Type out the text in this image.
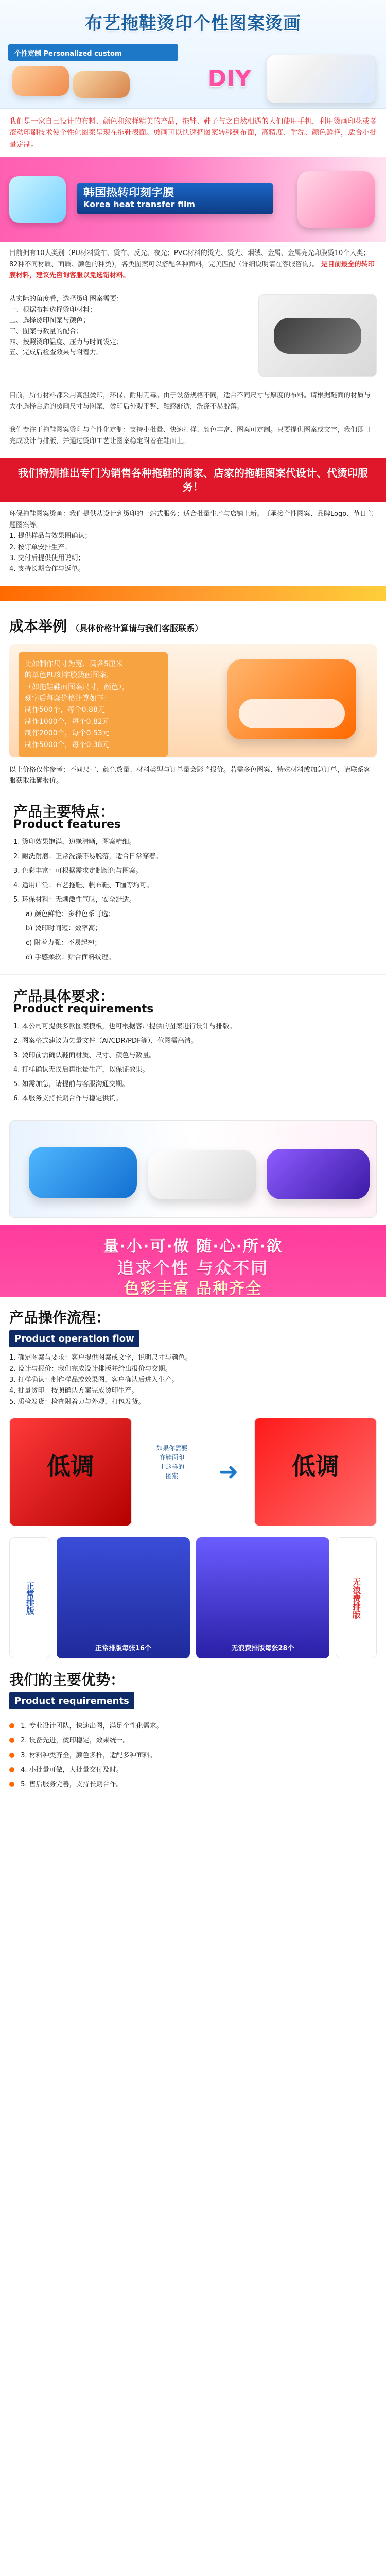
布艺拖鞋烫印个性图案烫画
个性定制 Personalized custom
DIY
我们是一家自己设计的布料、颜色和纹样精美的产品，拖鞋、鞋子与之自然相遇的人们使用手机，利用烫画印花或者滚动印刷技术使个性化图案呈现在拖鞋表面。烫画可以快速把图案转移到布面，高精度、耐洗、颜色鲜艳，适合小批量定制。
韩国热转印刻字膜
Korea heat transfer film
目前拥有10大类别（PU材料烫布、烫布、反光、夜光；PVC材料的烫光、烫光、烟绒、金属、金属亮光印膜烫10个大类；82种不同材质、面质、颜色的种类），各类图案可以搭配各种面料，完美匹配（详细说明请在客服咨询）。 是目前最全的转印膜材料，建议先咨询客服以免选错材料。
从实际的角度看，选择烫印图案需要：
一、根据布料选择烫印材料；
二、选择烫印图案与颜色；
三、图案与数量的配合；
四、按照烫印温度、压力与时间设定；
五、完成后检查效果与附着力。
目前，所有材料都采用高温烫印，环保、耐用无毒。由于设备规格不同，适合不同尺寸与厚度的布料。请根据鞋面的材质与大小选择合适的烫画尺寸与图案，烫印后外观平整、触感舒适，洗涤不易脱落。
我们专注于拖鞋图案烫印与个性化定制：支持小批量、快速打样、颜色丰富、图案可定制。只要提供图案或文字，我们即可完成设计与排版，并通过烫印工艺让图案稳定附着在鞋面上。
我们特别推出专门为销售各种拖鞋的商家、店家的拖鞋图案代设计、代烫印服务！
环保拖鞋图案烫画：我们提供从设计到烫印的一站式服务；适合批量生产与店铺上新。可承接个性图案、品牌Logo、节日主题图案等。
1. 提供样品与效果图确认；
2. 按订单安排生产；
3. 交付后提供使用说明；
4. 支持长期合作与返单。
成本举例 （具体价格计算请与我们客服联系）
比如制作尺寸为宽、高各5厘米
的单色PU刻字膜烫画图案，
（如拖鞋鞋面图案尺寸，颜色），
刻字后每套价格计算如下：
制作500个，每个0.88元
制作1000个，每个0.82元
制作2000个，每个0.53元
制作5000个，每个0.38元
以上价格仅作参考；不同尺寸、颜色数量、材料类型与订单量会影响报价。若需多色图案、特殊材料或加急订单，请联系客服获取准确报价。
产品主要特点：
Product features
1. 烫印效果饱满，边缘清晰，图案精细。
2. 耐洗耐磨：正常洗涤不易脱落，适合日常穿着。
3. 色彩丰富：可根据需求定制颜色与图案。
4. 适用广泛：布艺拖鞋、帆布鞋、T恤等均可。
5. 环保材料：无刺激性气味，安全舒适。
a) 颜色鲜艳：多种色系可选；
b) 烫印时间短：效率高；
c) 附着力强：不易起翘；
d) 手感柔软：贴合面料纹理。
产品具体要求：
Product requirements
1. 本公司可提供多款图案模板，也可根据客户提供的图案进行设计与排版。
2. 图案格式建议为矢量文件（AI/CDR/PDF等），位图需高清。
3. 烫印前需确认鞋面材质、尺寸、颜色与数量。
4. 打样确认无误后再批量生产，以保证效果。
5. 如需加急，请提前与客服沟通交期。
6. 本服务支持长期合作与稳定供货。
量·小·可·做 随·心·所·欲
追求个性 与众不同
色彩丰富 品种齐全
产品操作流程：
Product operation flow
1. 确定图案与要求：客户提供图案或文字，说明尺寸与颜色。
2. 设计与报价：我们完成设计排版并给出报价与交期。
3. 打样确认：制作样品或效果图，客户确认后进入生产。
4. 批量烫印：按照确认方案完成烫印生产。
5. 质检发货：检查附着力与外观，打包发货。
低调
如果你需要
在鞋面印
上这样的
图案	➜	低调
正常排版
正常排版每张16个	无浪费排版每张28个
无浪费排版
我们的主要优势：
Product requirements
1. 专业设计团队，快速出图，满足个性化需求。
2. 设备先进，烫印稳定，效果统一。
3. 材料种类齐全，颜色多样，适配多种面料。
4. 小批量可做，大批量交付及时。
5. 售后服务完善，支持长期合作。
